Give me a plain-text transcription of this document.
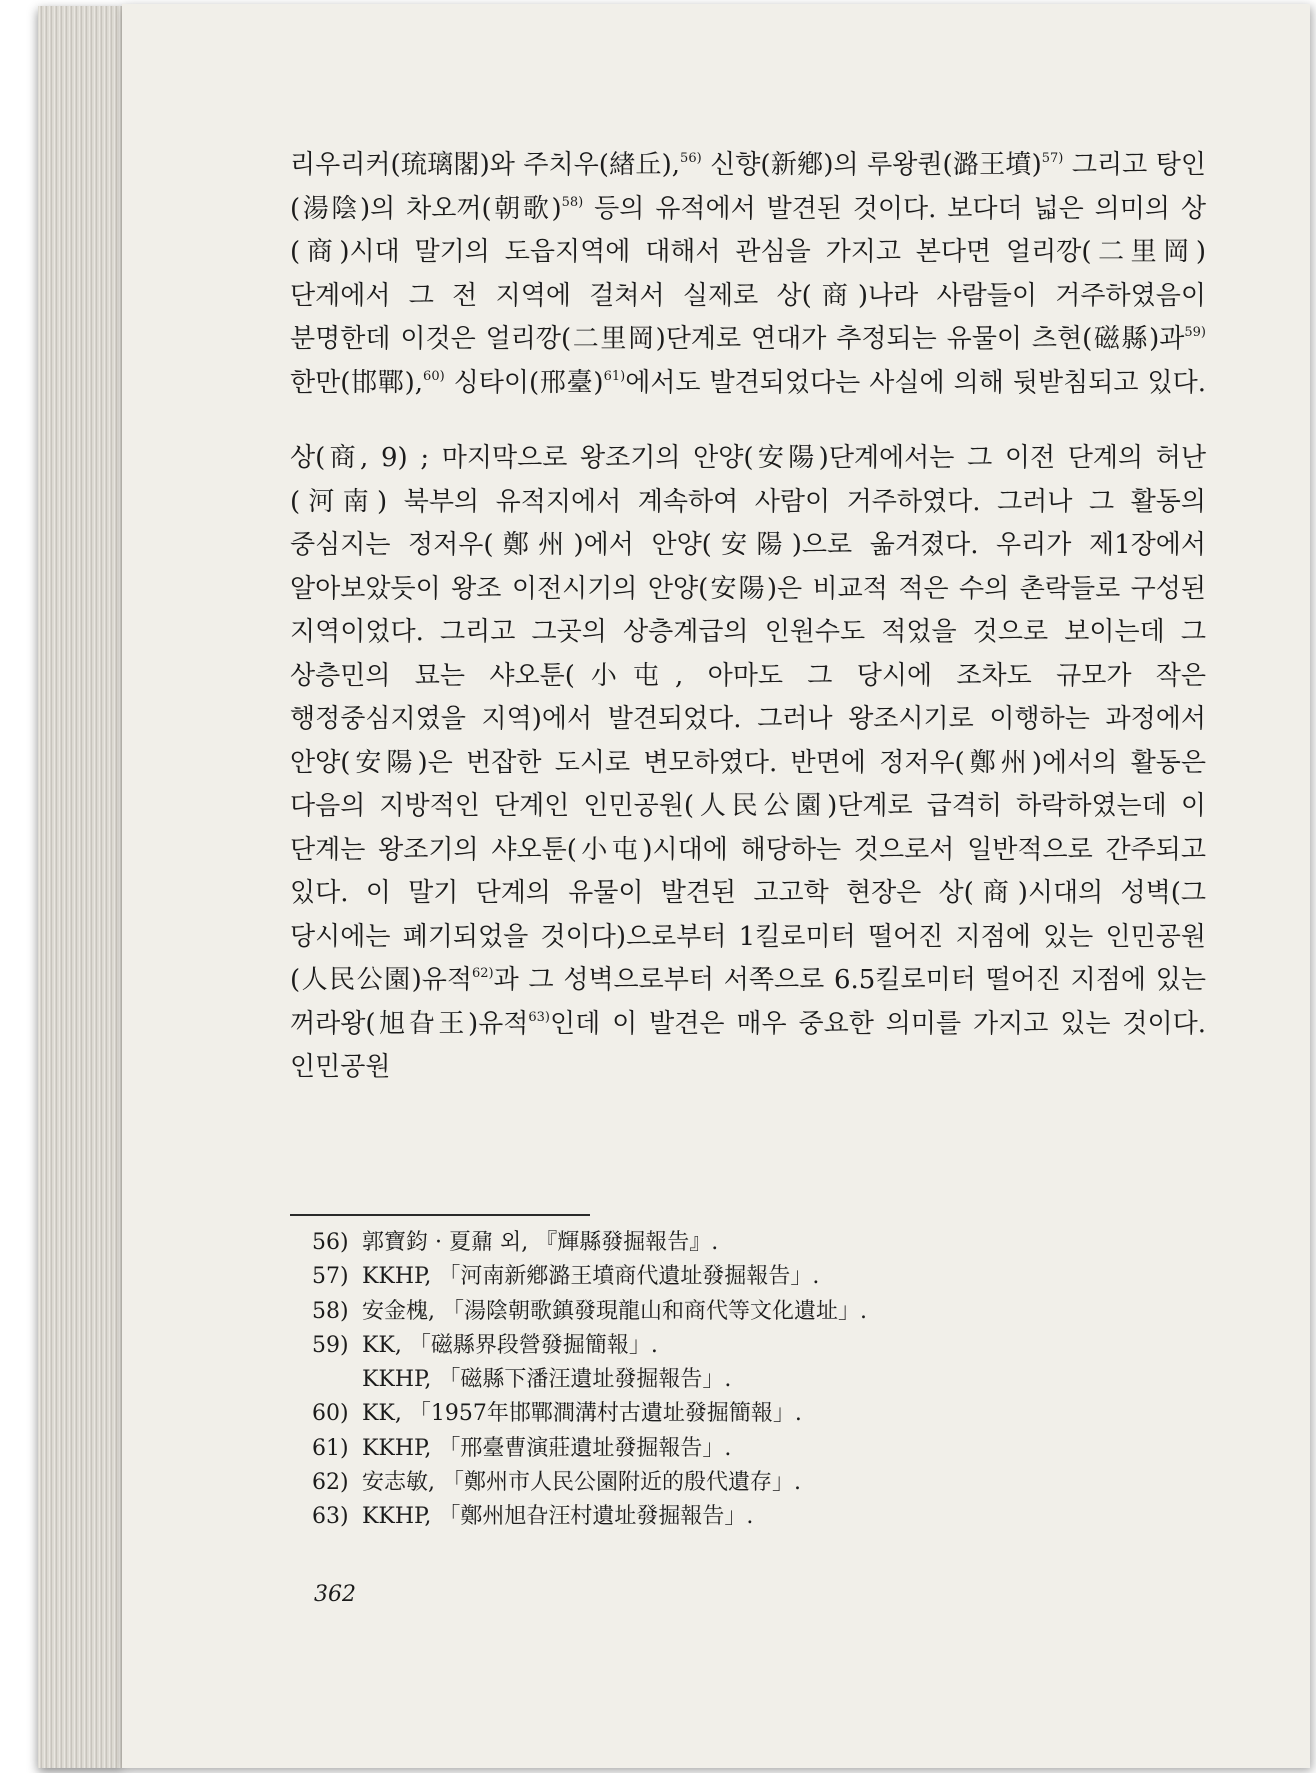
리우리커(琉璃閣)와 주치우(緖丘),$^{56)}$ 신향(新鄕)의 루왕퀀(潞王墳)$^{57)}$ 그리고 탕인(湯陰)의 차오꺼(朝歌)$^{58)}$ 등의 유적에서 발견된 것이다. 보다더 넓은 의미의 상(商)시대 말기의 도읍지역에 대해서 관심을 가지고 본다면 얼리깡(二里岡)단계에서 그 전 지역에 걸쳐서 실제로 상(商)나라 사람들이 거주하였음이 분명한데 이것은 얼리깡(二里岡)단계로 연대가 추정되는 유물이 츠현(磁縣)과$^{59)}$ 한만(邯鄲),$^{60)}$ 싱타이(邢臺)$^{61)}$에서도 발견되었다는 사실에 의해 뒷받침되고 있다.

상(商, 9) ; 마지막으로 왕조기의 안양(安陽)단계에서는 그 이전 단계의 허난(河南) 북부의 유적지에서 계속하여 사람이 거주하였다. 그러나 그 활동의 중심지는 정저우(鄭州)에서 안양(安陽)으로 옮겨졌다. 우리가 제1장에서 알아보았듯이 왕조 이전시기의 안양(安陽)은 비교적 적은 수의 촌락들로 구성된 지역이었다. 그리고 그곳의 상층계급의 인원수도 적었을 것으로 보이는데 그 상층민의 묘는 샤오툰(小屯, 아마도 그 당시에 조차도 규모가 작은 행정중심지였을 지역)에서 발견되었다. 그러나 왕조시기로 이행하는 과정에서 안양(安陽)은 번잡한 도시로 변모하였다. 반면에 정저우(鄭州)에서의 활동은 다음의 지방적인 단계인 인민공원(人民公園)단계로 급격히 하락하였는데 이 단계는 왕조기의 샤오툰(小屯)시대에 해당하는 것으로서 일반적으로 간주되고 있다. 이 말기 단계의 유물이 발견된 고고학 현장은 상(商)시대의 성벽(그 당시에는 폐기되었을 것이다)으로부터 1킬로미터 떨어진 지점에 있는 인민공원(人民公園)유적$^{62)}$과 그 성벽으로부터 서쪽으로 6.5킬로미터 떨어진 지점에 있는 꺼라왕(旭旮王)유적$^{63)}$인데 이 발견은 매우 중요한 의미를 가지고 있는 것이다. 인민공원

56) 郭寶鈞 · 夏鼐 외, 『輝縣發掘報告』.
57) KKHP, 「河南新鄕潞王墳商代遺址發掘報告」.
58) 安金槐, 「湯陰朝歌鎮發現龍山和商代等文化遺址」.
59) KK, 「磁縣界段營發掘簡報」.
KKHP, 「磁縣下潘汪遺址發掘報告」.
60) KK, 「1957年邯鄲澗溝村古遺址發掘簡報」.
61) KKHP, 「邢臺曹演莊遺址發掘報告」.
62) 安志敏, 「鄭州市人民公園附近的殷代遺存」.
63) KKHP, 「鄭州旭旮汪村遺址發掘報告」.
362
